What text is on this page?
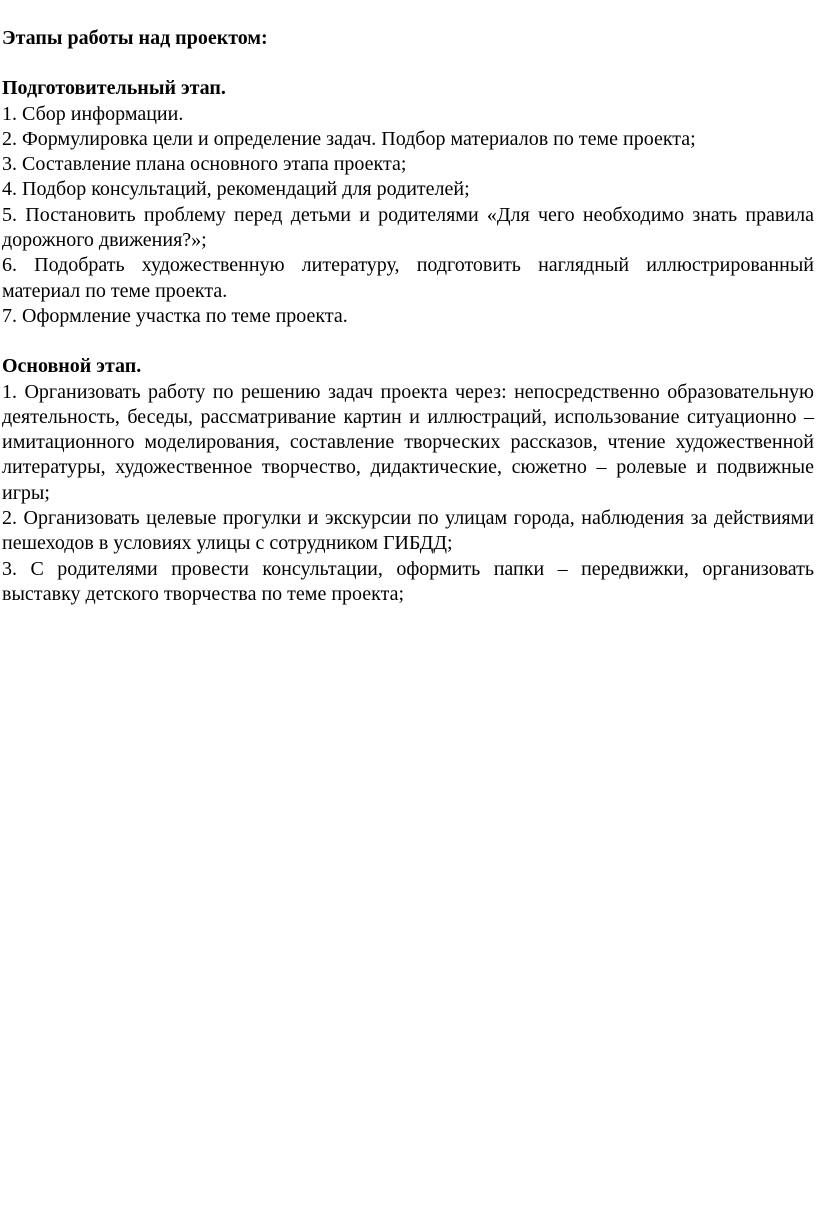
Этапы работы над проектом:
Подготовительный этап.
1. Сбор информации.
2. Формулировка цели и определение задач. Подбор материалов по теме проекта;
3. Составление плана основного этапа проекта;
4. Подбор консультаций, рекомендаций для родителей;
5. Постановить проблему перед детьми и родителями «Для чего необходимо знать правила дорожного движения?»;
6. Подобрать художественную литературу, подготовить наглядный иллюстрированный материал по теме проекта.
7. Оформление участка по теме проекта.
Основной этап.
1. Организовать работу по решению задач проекта через: непосредственно образовательную деятельность, беседы, рассматривание картин и иллюстраций, использование ситуационно – имитационного моделирования, составление творческих рассказов, чтение художественной литературы, художественное творчество, дидактические, сюжетно – ролевые и подвижные игры;
2. Организовать целевые прогулки и экскурсии по улицам города, наблюдения за действиями пешеходов в условиях улицы с сотрудником ГИБДД;
3. С родителями провести консультации, оформить папки – передвижки, организовать выставку детского творчества по теме проекта;
